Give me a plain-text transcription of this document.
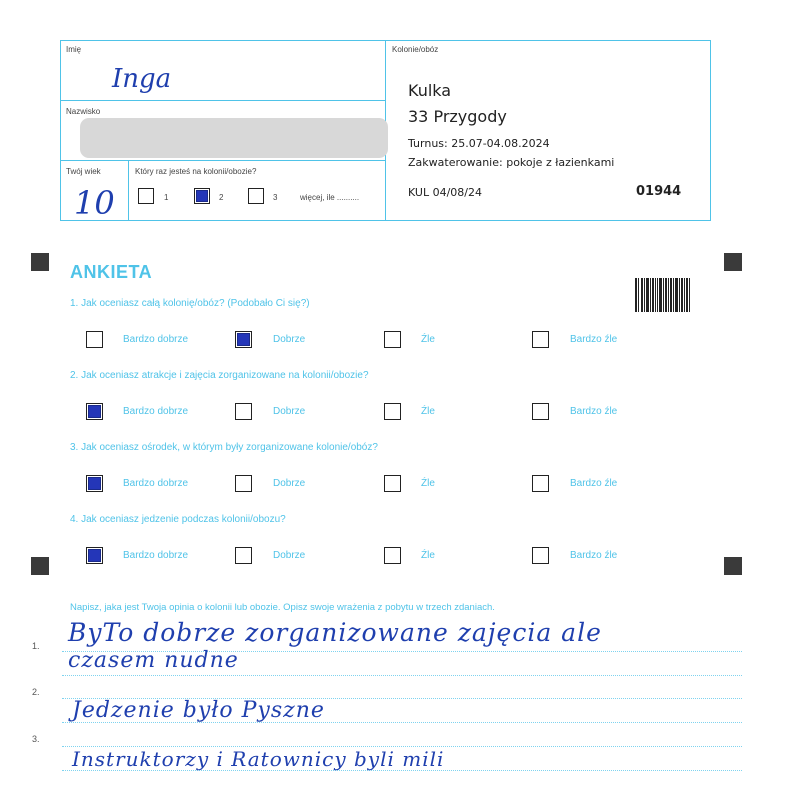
Imię
Inga
Nazwisko
Twój wiek
10
Który raz jesteś na kolonii/obozie?
1	2	3	więcej, ile ..........
Kolonie/obóz
Kulka
33 Przygody
Turnus: 25.07-04.08.2024
Zakwaterowanie: pokoje z łazienkami
KUL 04/08/24	01944
ANKIETA
1. Jak oceniasz całą kolonię/obóz? (Podobało Ci się?)
Bardzo dobrze	Dobrze	Źle	Bardzo źle
2. Jak oceniasz atrakcje i zajęcia zorganizowane na kolonii/obozie?
Bardzo dobrze	Dobrze	Źle	Bardzo źle
3. Jak oceniasz ośrodek, w którym były zorganizowane kolonie/obóz?
Bardzo dobrze	Dobrze	Źle	Bardzo źle
4. Jak oceniasz jedzenie podczas kolonii/obozu?
Bardzo dobrze	Dobrze	Źle	Bardzo źle
Napisz, jaka jest Twoja opinia o kolonii lub obozie. Opisz swoje wrażenia z pobytu w trzech zdaniach.
1.
2.
3.
ByTo dobrze zorganizowane zajęcia ale
czasem nudne
Jedzenie było Pyszne
Instruktorzy i Ratownicy byli mili
